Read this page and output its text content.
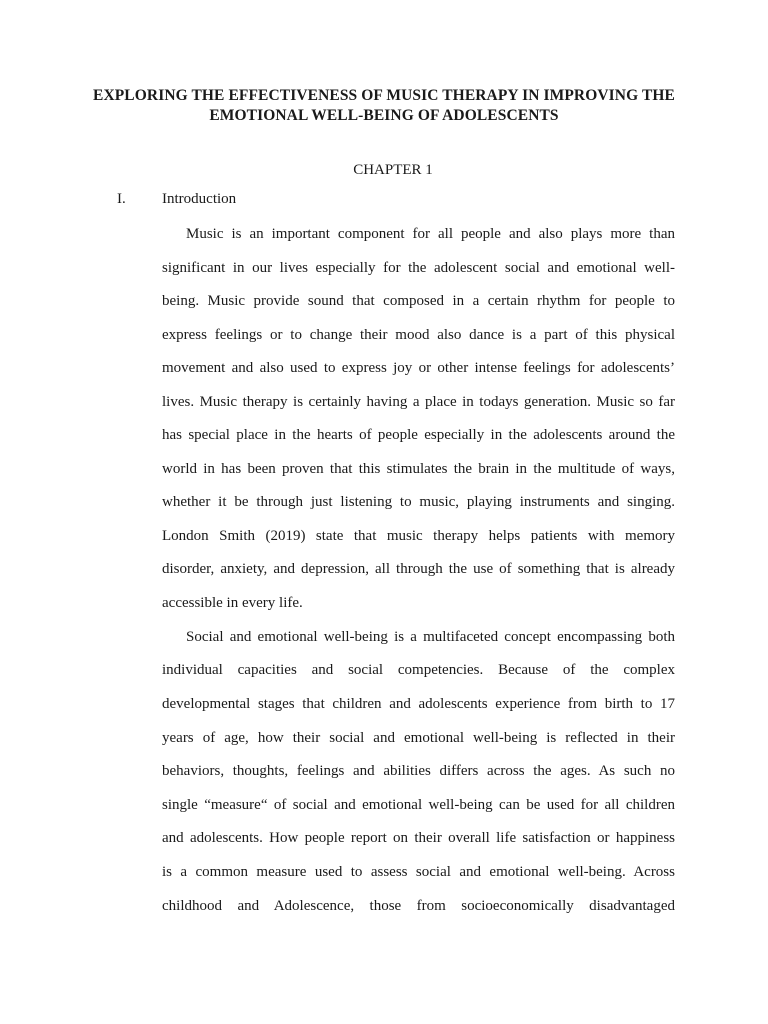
EXPLORING THE EFFECTIVENESS OF MUSIC THERAPY IN IMPROVING THE
EMOTIONAL WELL-BEING OF ADOLESCENTS
CHAPTER 1
I. Introduction
Music is an important component for all people and also plays more than
significant in our lives especially for the adolescent social and emotional well-
being. Music provide sound that composed in a certain rhythm for people to
express feelings or to change their mood also dance is a part of this physical
movement and also used to express joy or other intense feelings for adolescents’
lives. Music therapy is certainly having a place in todays generation. Music so far
has special place in the hearts of people especially in the adolescents around the
world in has been proven that this stimulates the brain in the multitude of ways,
whether it be through just listening to music, playing instruments and singing.
London Smith (2019) state that music therapy helps patients with memory
disorder, anxiety, and depression, all through the use of something that is already
accessible in every life.
Social and emotional well-being is a multifaceted concept encompassing both
individual capacities and social competencies. Because of the complex
developmental stages that children and adolescents experience from birth to 17
years of age, how their social and emotional well-being is reflected in their
behaviors, thoughts, feelings and abilities differs across the ages. As such no
single “measure“ of social and emotional well-being can be used for all children
and adolescents. How people report on their overall life satisfaction or happiness
is a common measure used to assess social and emotional well-being. Across
childhood and Adolescence, those from socioeconomically disadvantaged
